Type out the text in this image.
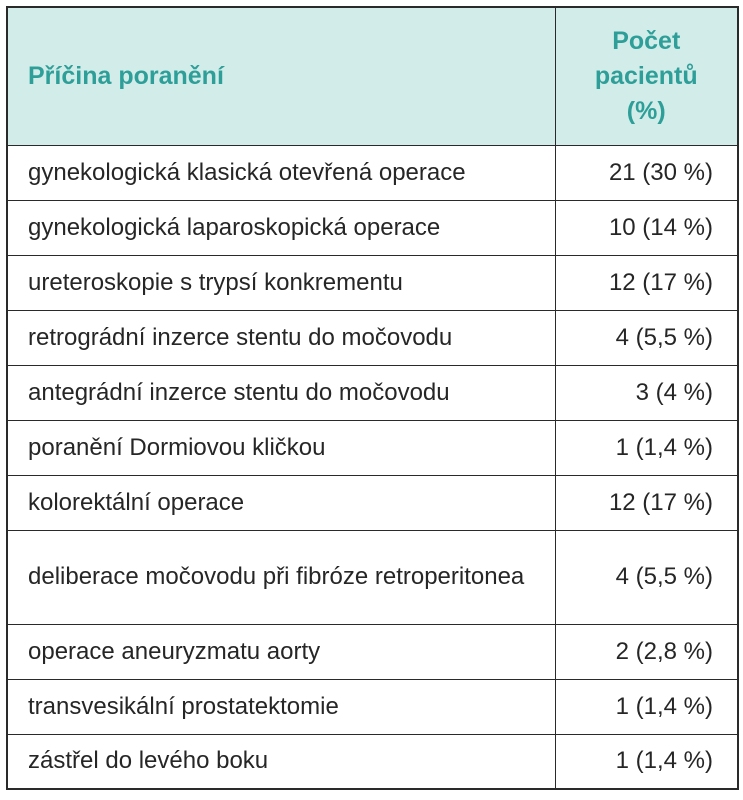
Příčina poranění	Počet
pacientů
(%)

gynekologická klasická otevřená operace	21 (30 %)
gynekologická laparoskopická operace	10 (14 %)
ureteroskopie s trypsí konkrementu	12 (17 %)
retrográdní inzerce stentu do močovodu	4 (5,5 %)
antegrádní inzerce stentu do močovodu	3 (4 %)
poranění Dormiovou kličkou	1 (1,4 %)
kolorektální operace	12 (17 %)
deliberace močovodu při fibróze retroperitonea	4 (5,5 %)
operace aneuryzmatu aorty	2 (2,8 %)
transvesikální prostatektomie	1 (1,4 %)
zástřel do levého boku	1 (1,4 %)
